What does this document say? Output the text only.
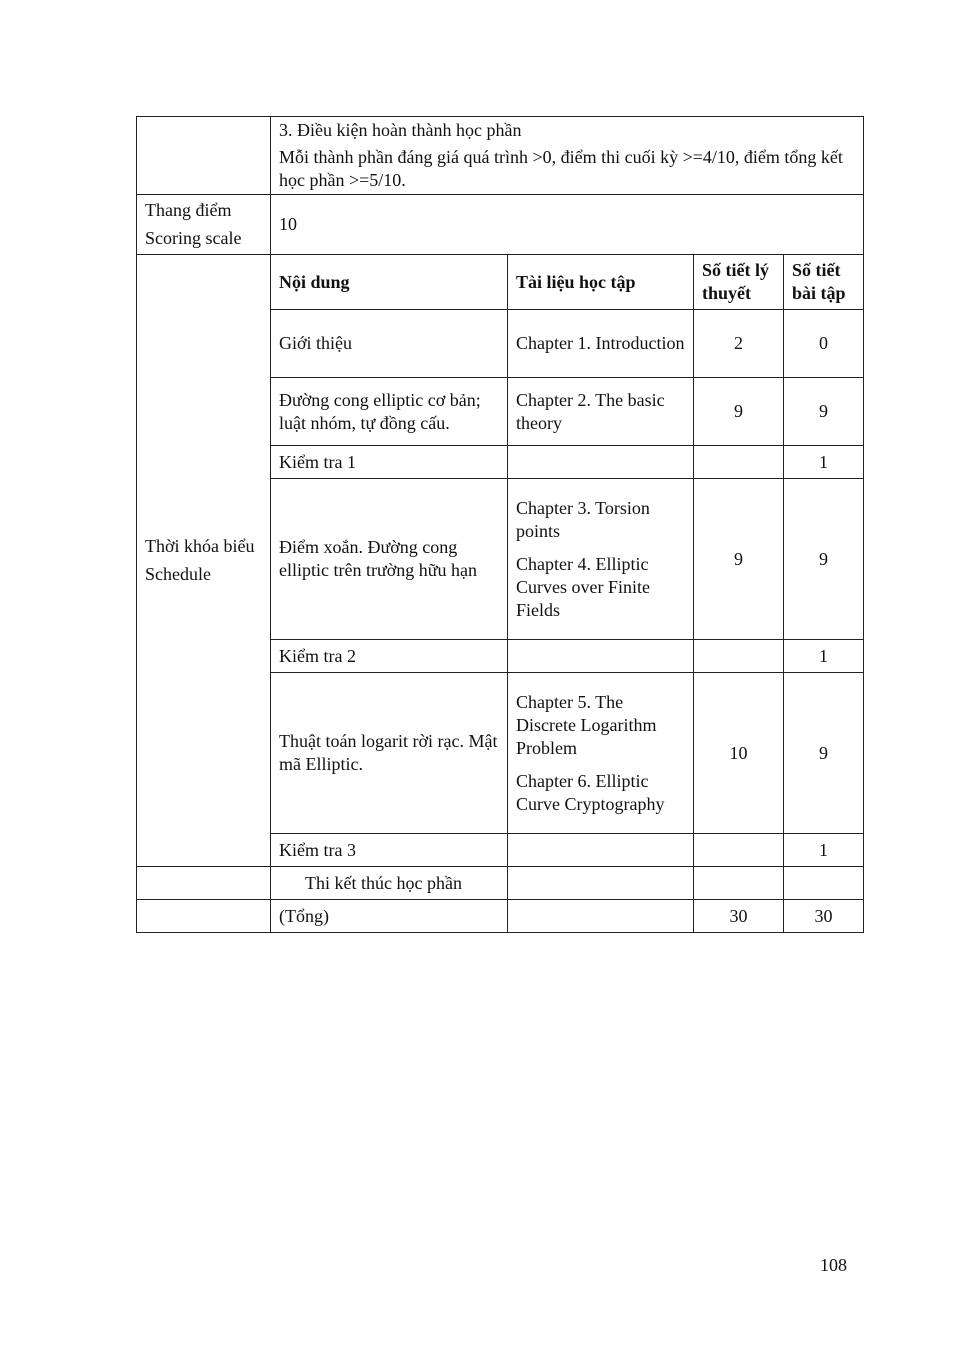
	3. Điều kiện hoàn thành học phần
Mỗi thành phần đáng giá quá trình >0, điểm thi cuối kỳ >=4/10, điểm tổng kết học phần >=5/10.			

Thang điểm
Scoring scale	10			

Thời khóa biểu
Schedule	Nội dung	Tài liệu học tập	Số tiết lý thuyết	Số tiết bài tập
	Giới thiệu	Chapter 1. Introduction	2	0
	Đường cong elliptic cơ bản; luật nhóm, tự đồng cấu.	Chapter 2. The basic theory	9	9
	Kiểm tra 1			1
	Điểm xoắn. Đường cong elliptic trên trường hữu hạn	Chapter 3. Torsion points
Chapter 4. Elliptic Curves over Finite Fields	9	9
	Kiểm tra 2			1
	Thuật toán logarit rời rạc. Mật mã Elliptic.	Chapter 5. The Discrete Logarithm Problem
Chapter 6. Elliptic Curve Cryptography	10	9
	Kiểm tra 3			1
	Thi kết thúc học phần			
	(Tổng)		30	30
108
